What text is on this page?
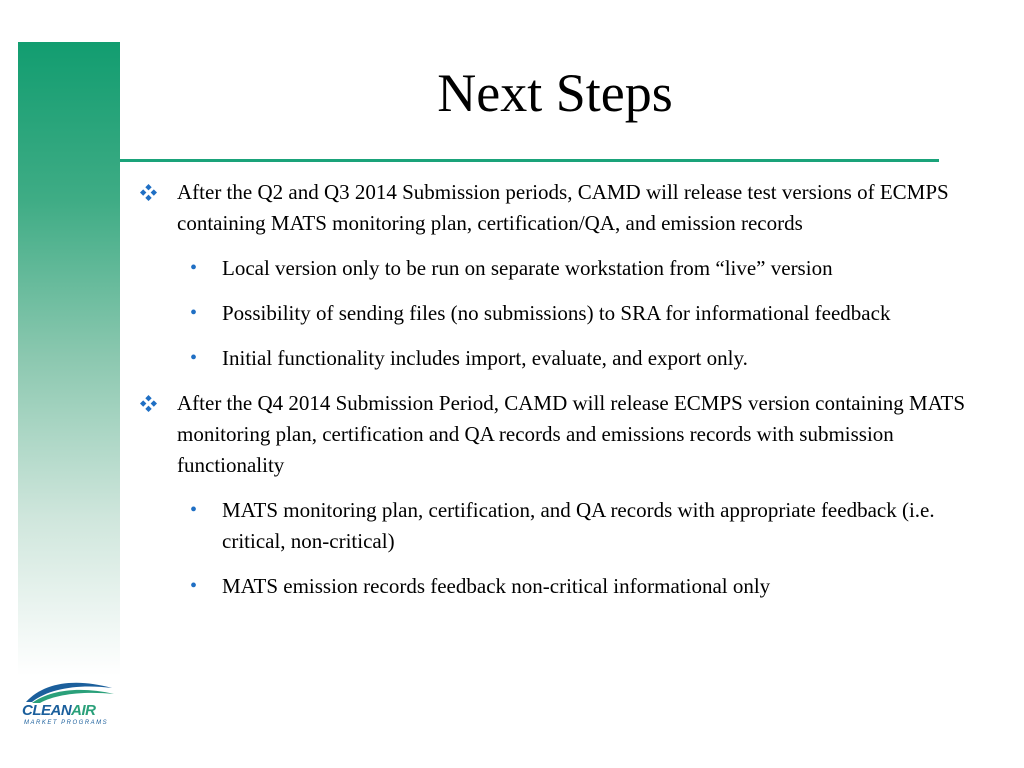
Next Steps
After the Q2 and Q3 2014 Submission periods, CAMD will release test versions of ECMPS containing MATS monitoring plan, certification/QA, and emission records
• Local version only to be run on separate workstation from “live” version
• Possibility of sending files (no submissions) to SRA for informational feedback
• Initial functionality includes import, evaluate, and export only.
After the Q4 2014 Submission Period, CAMD will release ECMPS version containing MATS monitoring plan, certification and QA records and emissions records with submission functionality
• MATS monitoring plan, certification, and QA records with appropriate feedback (i.e. critical, non-critical)
• MATS emission records feedback non-critical informational only
CLEANAIR
MARKET PROGRAMS
